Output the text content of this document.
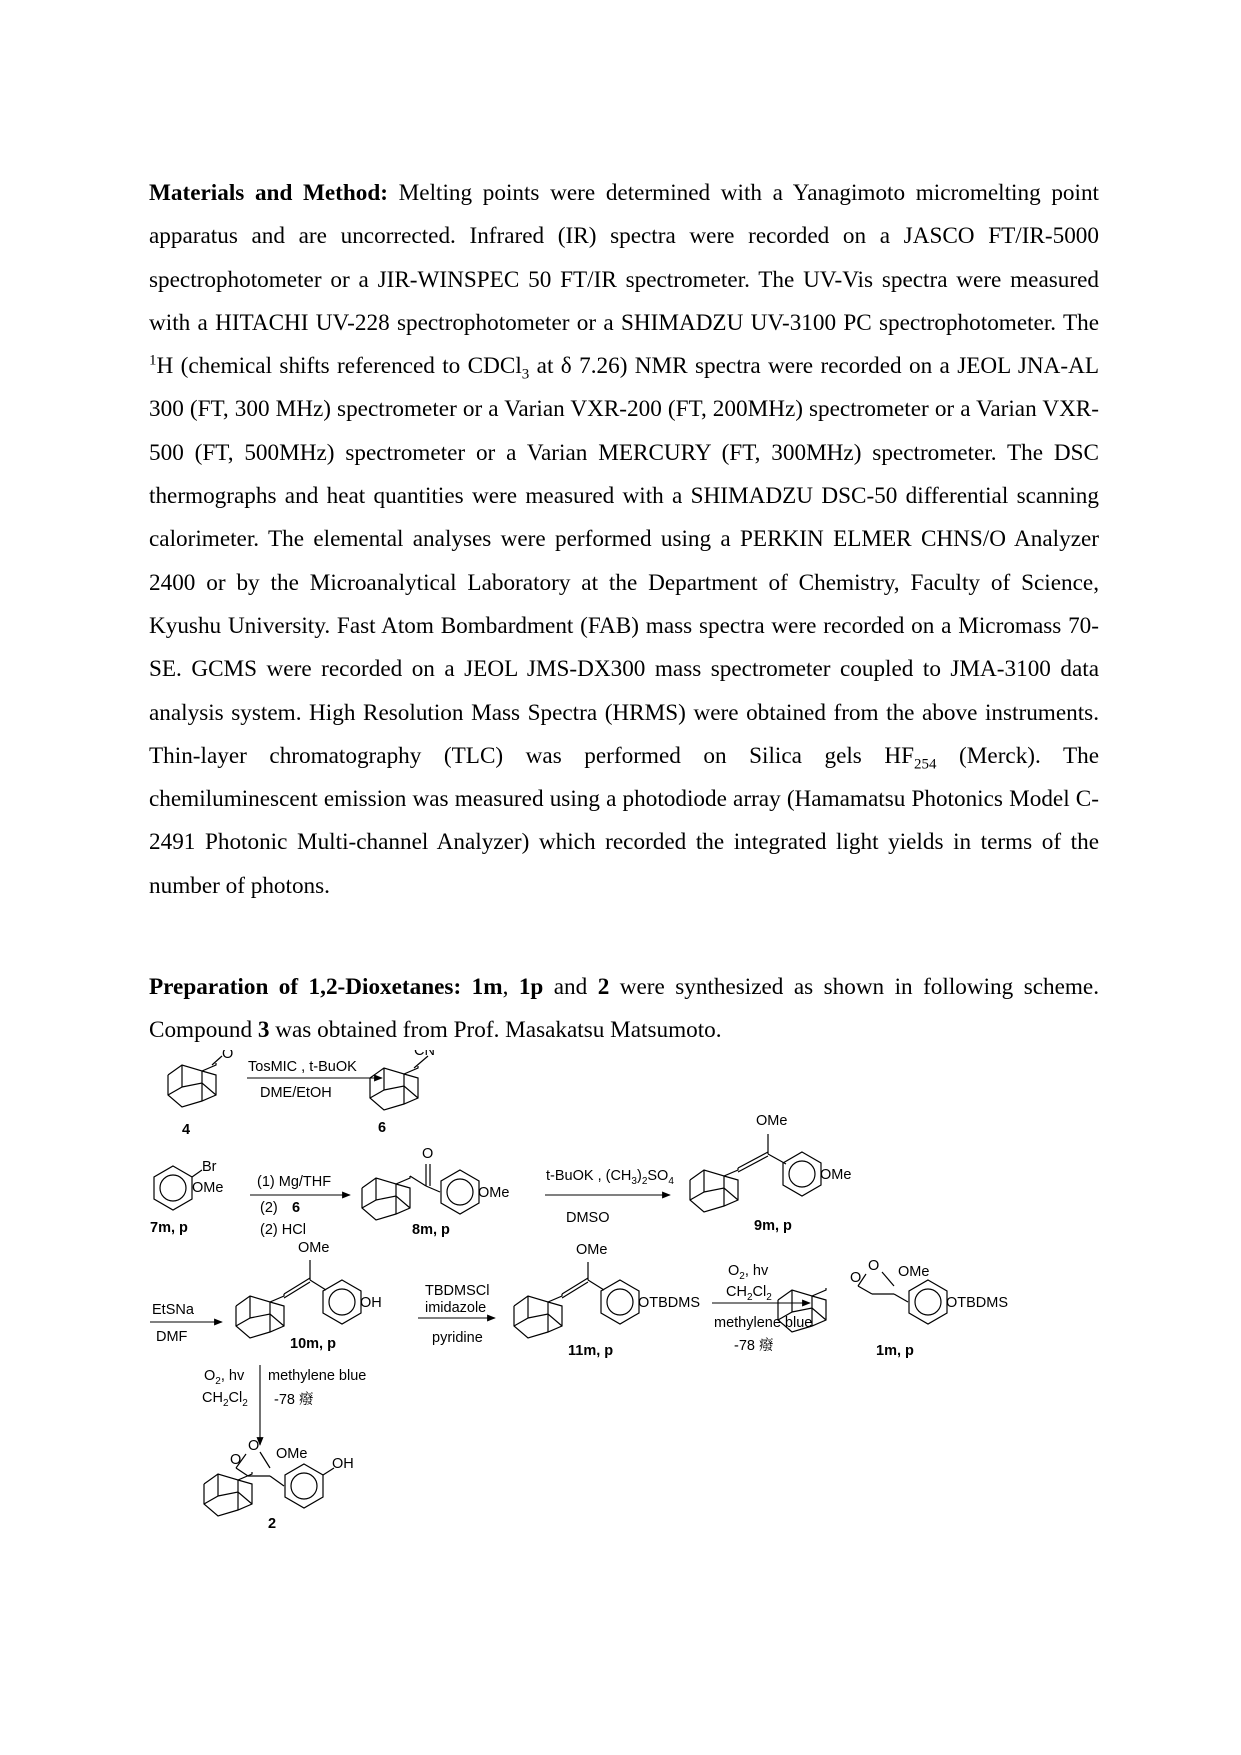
Materials and Method: Melting points were determined with a Yanagimoto micromelting point apparatus and are uncorrected. Infrared (IR) spectra were recorded on a JASCO FT/IR-5000 spectrophotometer or a JIR-WINSPEC 50 FT/IR spectrometer. The UV-Vis spectra were measured with a HITACHI UV-228 spectrophotometer or a SHIMADZU UV-3100 PC spectrophotometer. The $^1$H (chemical shifts referenced to CDCl$_3$ at δ 7.26) NMR spectra were recorded on a JEOL JNA-AL 300 (FT, 300 MHz) spectrometer or a Varian VXR-200 (FT, 200MHz) spectrometer or a Varian VXR-500 (FT, 500MHz) spectrometer or a Varian MERCURY (FT, 300MHz) spectrometer. The DSC thermographs and heat quantities were measured with a SHIMADZU DSC-50 differential scanning calorimeter. The elemental analyses were performed using a PERKIN ELMER CHNS/O Analyzer 2400 or by the Microanalytical Laboratory at the Department of Chemistry, Faculty of Science, Kyushu University. Fast Atom Bombardment (FAB) mass spectra were recorded on a Micromass 70-SE. GCMS were recorded on a JEOL JMS-DX300 mass spectrometer coupled to JMA-3100 data analysis system. High Resolution Mass Spectra (HRMS) were obtained from the above instruments. Thin-layer chromatography (TLC) was performed on Silica gels $HF_{254}$ (Merck). The chemiluminescent emission was measured using a photodiode array (Hamamatsu Photonics Model C-2491 Photonic Multi-channel Analyzer) which recorded the integrated light yields in terms of the number of photons.

Preparation of 1,2-Dioxetanes: 1m, 1p and 2 were synthesized as shown in following scheme. Compound 3 was obtained from Prof. Masakatsu Matsumoto.

O
4
TosMIC , t-BuOK
DME/EtOH
CN
6
Br
OMe
7m, p
(1) Mg/THF
(2) 6
(2) HCl
O
OMe
8m, p
t-BuOK , $(CH_3)_2SO_4$
DMSO
OMe
OMe
9m, p
EtSNa
DMF
OMe
OH
10m, p
TBDMSCl
imidazole
pyridine
OMe
OTBDMS
11m, p
$O_2$, hv
$CH_2Cl_2$
methylene blue
-78 癈
O
O OMe
OTBDMS
1m, p
$O_2$, hv
$CH_2Cl_2$
methylene blue
-78 癈
O
O OMe
OH
2
